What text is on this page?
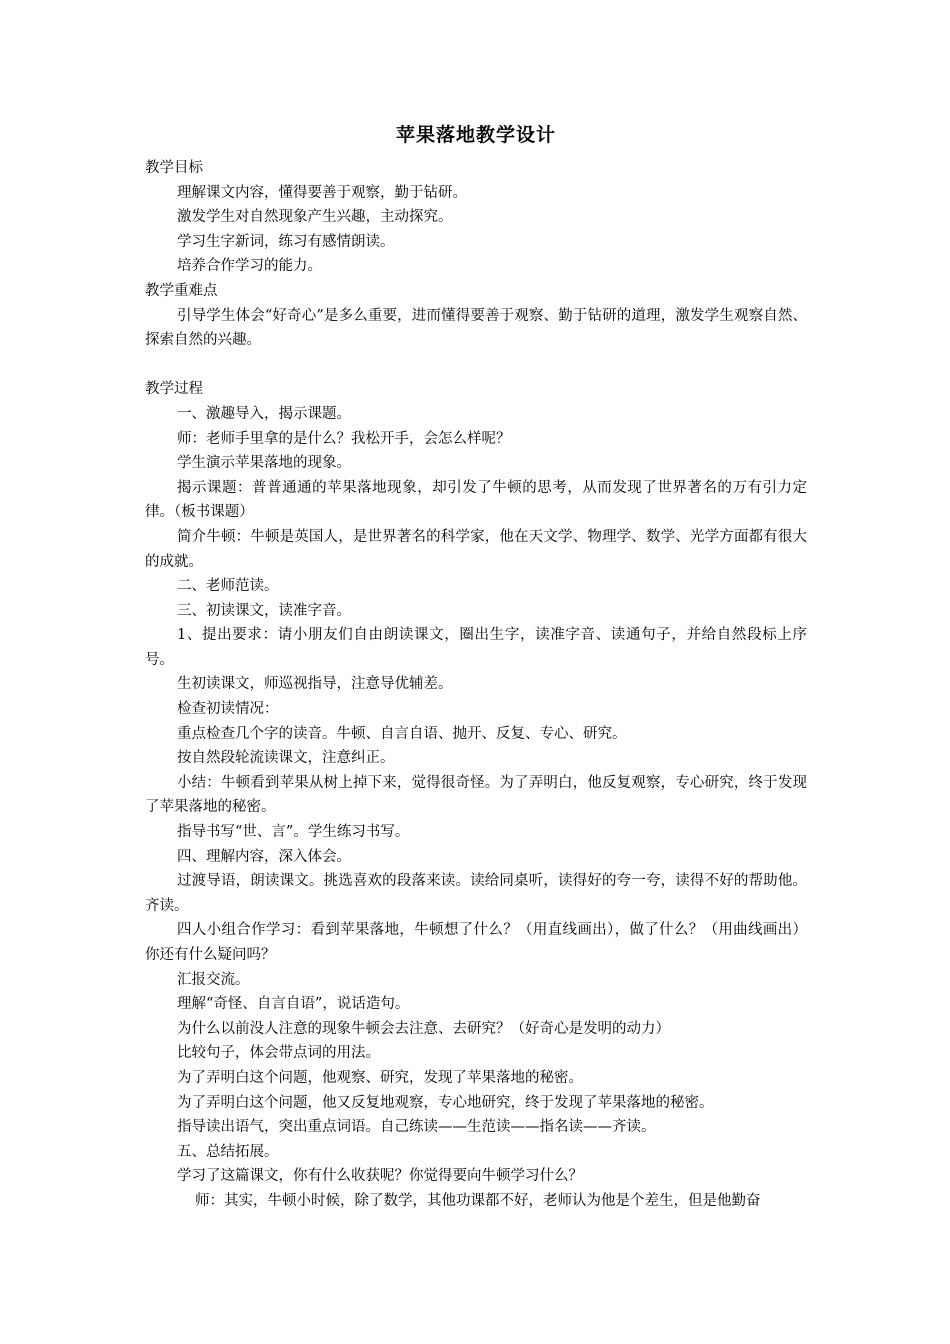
苹果落地教学设计

教学目标

理解课文内容，懂得要善于观察，勤于钻研。

激发学生对自然现象产生兴趣，主动探究。

学习生字新词，练习有感情朗读。

培养合作学习的能力。

教学重难点

引导学生体会“好奇心”是多么重要，进而懂得要善于观察、勤于钻研的道理，激发学生观察自然、探索自然的兴趣。

教学过程

一、激趣导入，揭示课题。

师：老师手里拿的是什么？我松开手，会怎么样呢？

学生演示苹果落地的现象。

揭示课题：普普通通的苹果落地现象，却引发了牛顿的思考，从而发现了世界著名的万有引力定律。（板书课题）

简介牛顿：牛顿是英国人，是世界著名的科学家，他在天文学、物理学、数学、光学方面都有很大的成就。

二、老师范读。

三、初读课文，读准字音。

1、提出要求：请小朋友们自由朗读课文，圈出生字，读准字音、读通句子，并给自然段标上序号。

生初读课文，师巡视指导，注意导优辅差。

检查初读情况：

重点检查几个字的读音。牛顿、自言自语、抛开、反复、专心、研究。

按自然段轮流读课文，注意纠正。

小结：牛顿看到苹果从树上掉下来，觉得很奇怪。为了弄明白，他反复观察，专心研究，终于发现了苹果落地的秘密。

指导书写“世、言”。学生练习书写。

四、理解内容，深入体会。

过渡导语，朗读课文。挑选喜欢的段落来读。读给同桌听，读得好的夸一夸，读得不好的帮助他。齐读。

四人小组合作学习：看到苹果落地，牛顿想了什么？（用直线画出），做了什么？（用曲线画出）你还有什么疑问吗？

汇报交流。

理解“奇怪、自言自语”，说话造句。

为什么以前没人注意的现象牛顿会去注意、去研究？（好奇心是发明的动力）

比较句子，体会带点词的用法。

为了弄明白这个问题，他观察、研究，发现了苹果落地的秘密。

为了弄明白这个问题，他又反复地观察，专心地研究，终于发现了苹果落地的秘密。

指导读出语气，突出重点词语。自己练读——生范读——指名读——齐读。

五、总结拓展。

学习了这篇课文，你有什么收获呢？你觉得要向牛顿学习什么？

师：其实，牛顿小时候，除了数学，其他功课都不好，老师认为他是个差生，但是他勤奋
